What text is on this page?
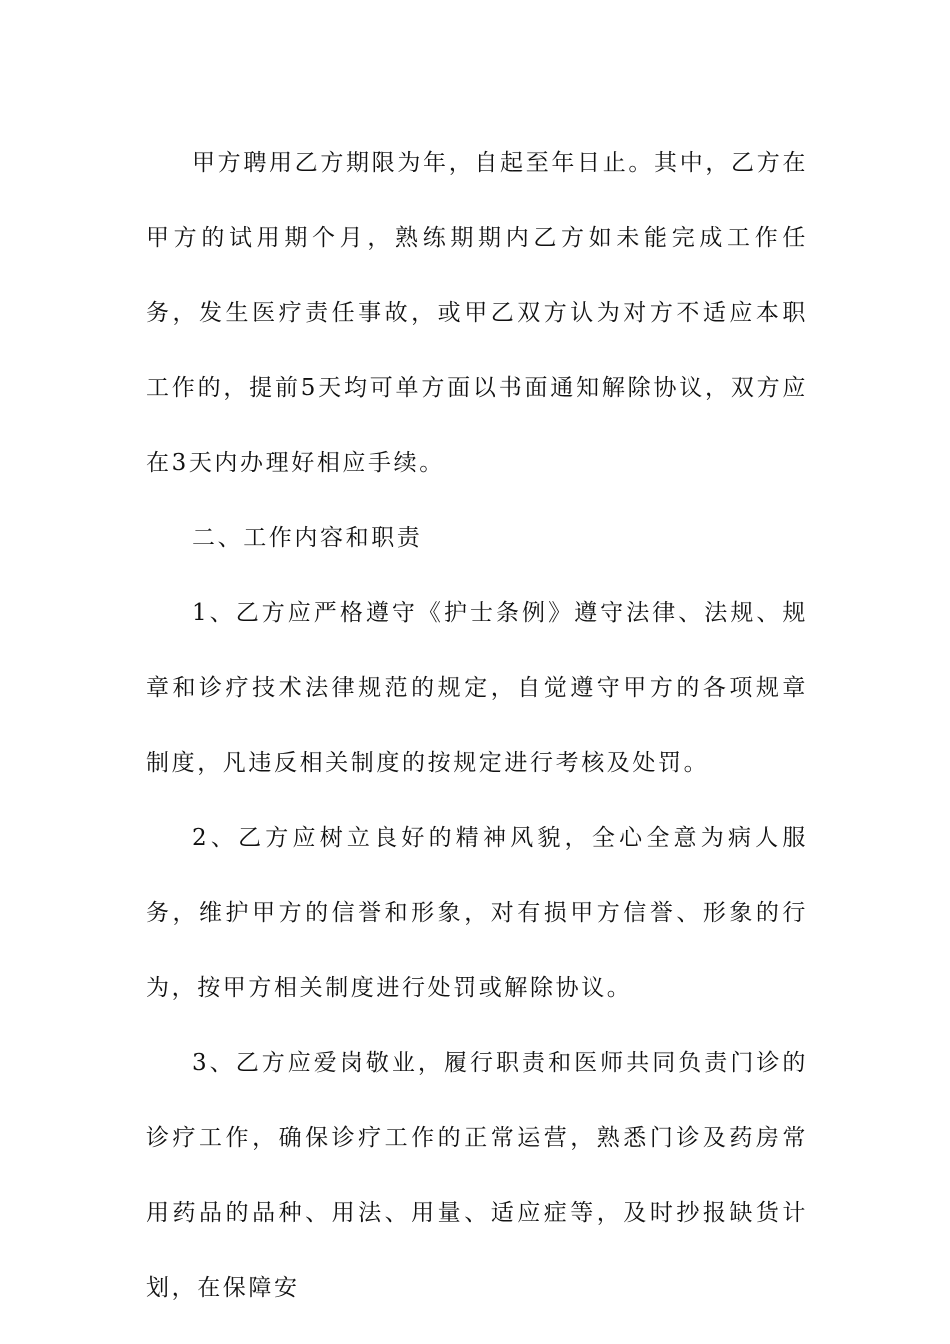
甲方聘用乙方期限为年，自起至年日止。其中，乙方在甲方的试用期个月，熟练期期内乙方如未能完成工作任务，发生医疗责任事故，或甲乙双方认为对方不适应本职工作的，提前5天均可单方面以书面通知解除协议，双方应在3天内办理好相应手续。

二、工作内容和职责

1、乙方应严格遵守《护士条例》遵守法律、法规、规章和诊疗技术法律规范的规定，自觉遵守甲方的各项规章制度，凡违反相关制度的按规定进行考核及处罚。

2、乙方应树立良好的精神风貌，全心全意为病人服务，维护甲方的信誉和形象，对有损甲方信誉、形象的行为，按甲方相关制度进行处罚或解除协议。

3、乙方应爱岗敬业，履行职责和医师共同负责门诊的诊疗工作，确保诊疗工作的正常运营，熟悉门诊及药房常用药品的品种、用法、用量、适应症等，及时抄报缺货计划，在保障安
